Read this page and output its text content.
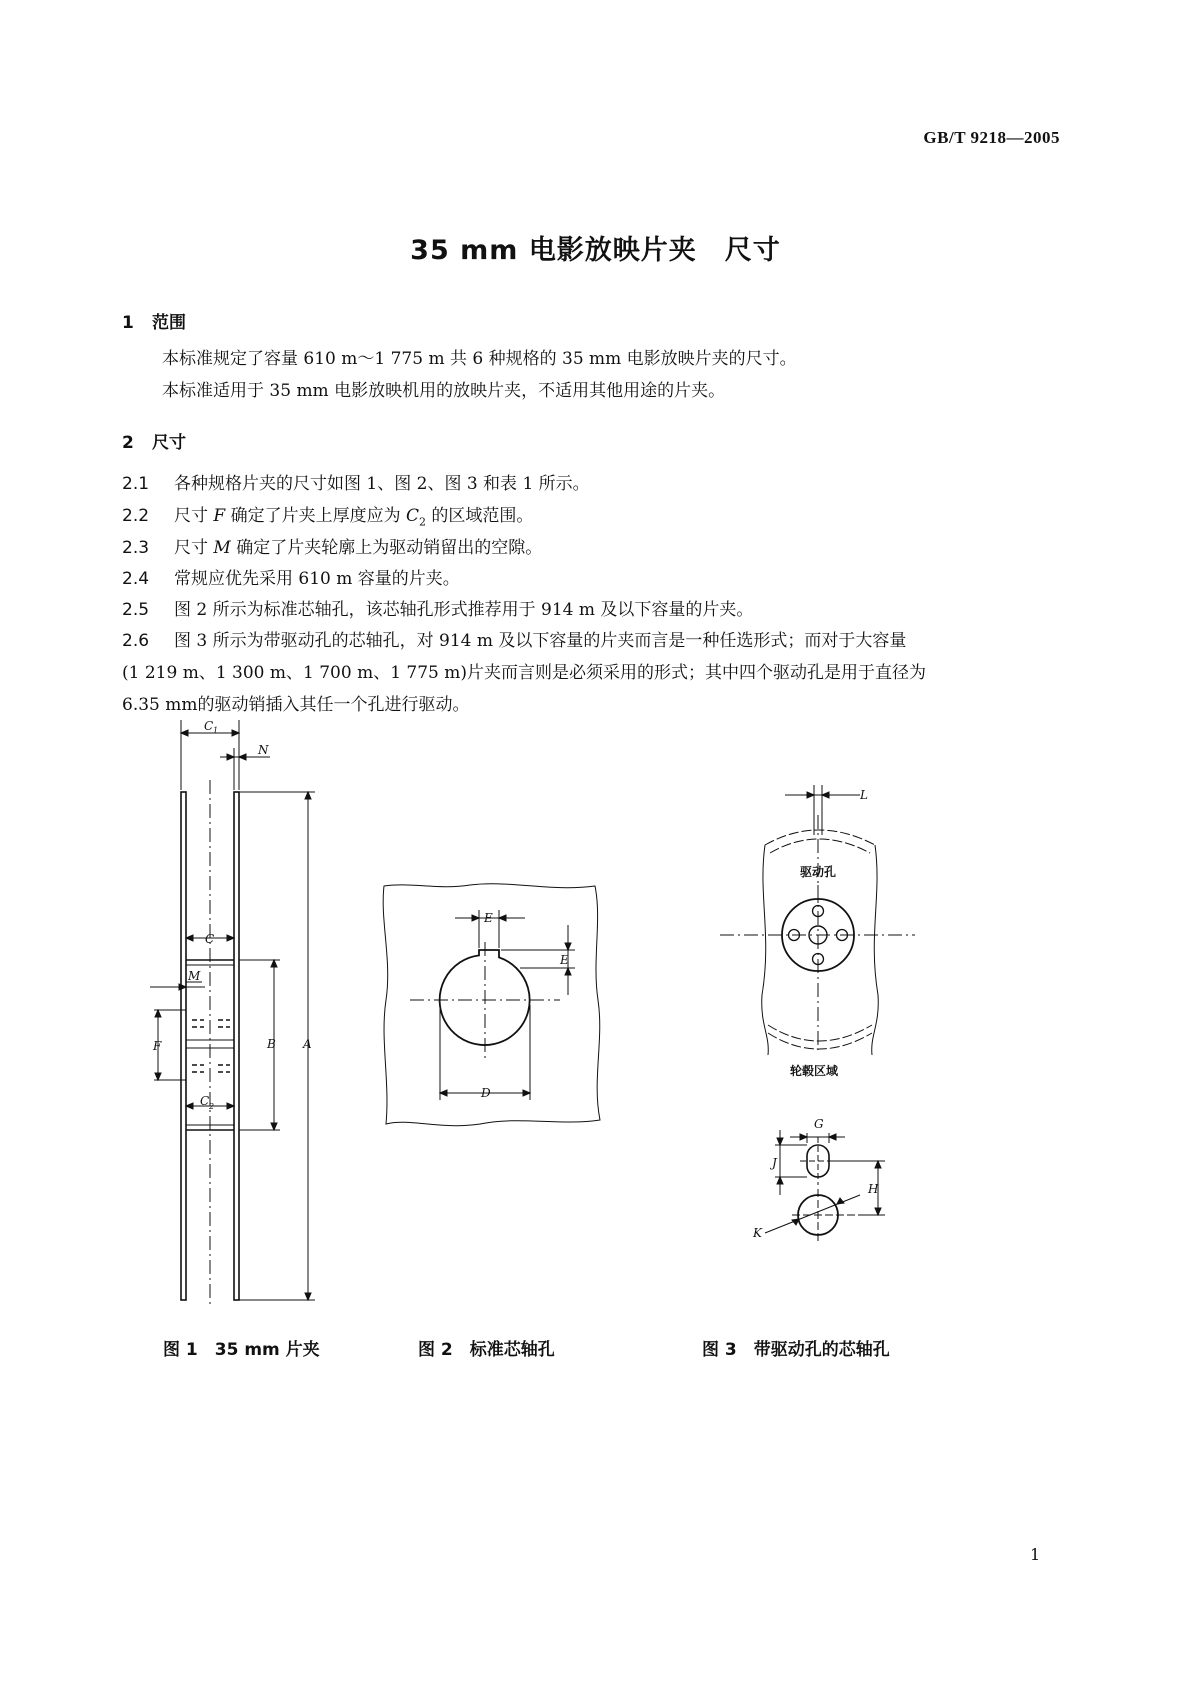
GB/T 9218—2005
35 mm 电影放映片夹　尺寸
1 范围
本标准规定了容量 610 m～1 775 m 共 6 种规格的 35 mm 电影放映片夹的尺寸。
本标准适用于 35 mm 电影放映机用的放映片夹，不适用其他用途的片夹。
2 尺寸
2.1 各种规格片夹的尺寸如图 1、图 2、图 3 和表 1 所示。
2.2 尺寸 F 确定了片夹上厚度应为 $C_2$ 的区域范围。
2.3 尺寸 M 确定了片夹轮廓上为驱动销留出的空隙。
2.4 常规应优先采用 610 m 容量的片夹。
2.5 图 2 所示为标准芯轴孔，该芯轴孔形式推荐用于 914 m 及以下容量的片夹。
2.6 图 3 所示为带驱动孔的芯轴孔，对 914 m 及以下容量的片夹而言是一种任选形式；而对于大容量
(1 219 m、1 300 m、1 700 m、1 775 m)片夹而言则是必须采用的形式；其中四个驱动孔是用于直径为
6.35 mm的驱动销插入其任一个孔进行驱动。
C 1
N
C
M
F	B A
C 2
E
E
D
L
驱动孔
轮毂区域
G
J
H
K
图 1　35 mm 片夹	图 2　标准芯轴孔	图 3　带驱动孔的芯轴孔
1
